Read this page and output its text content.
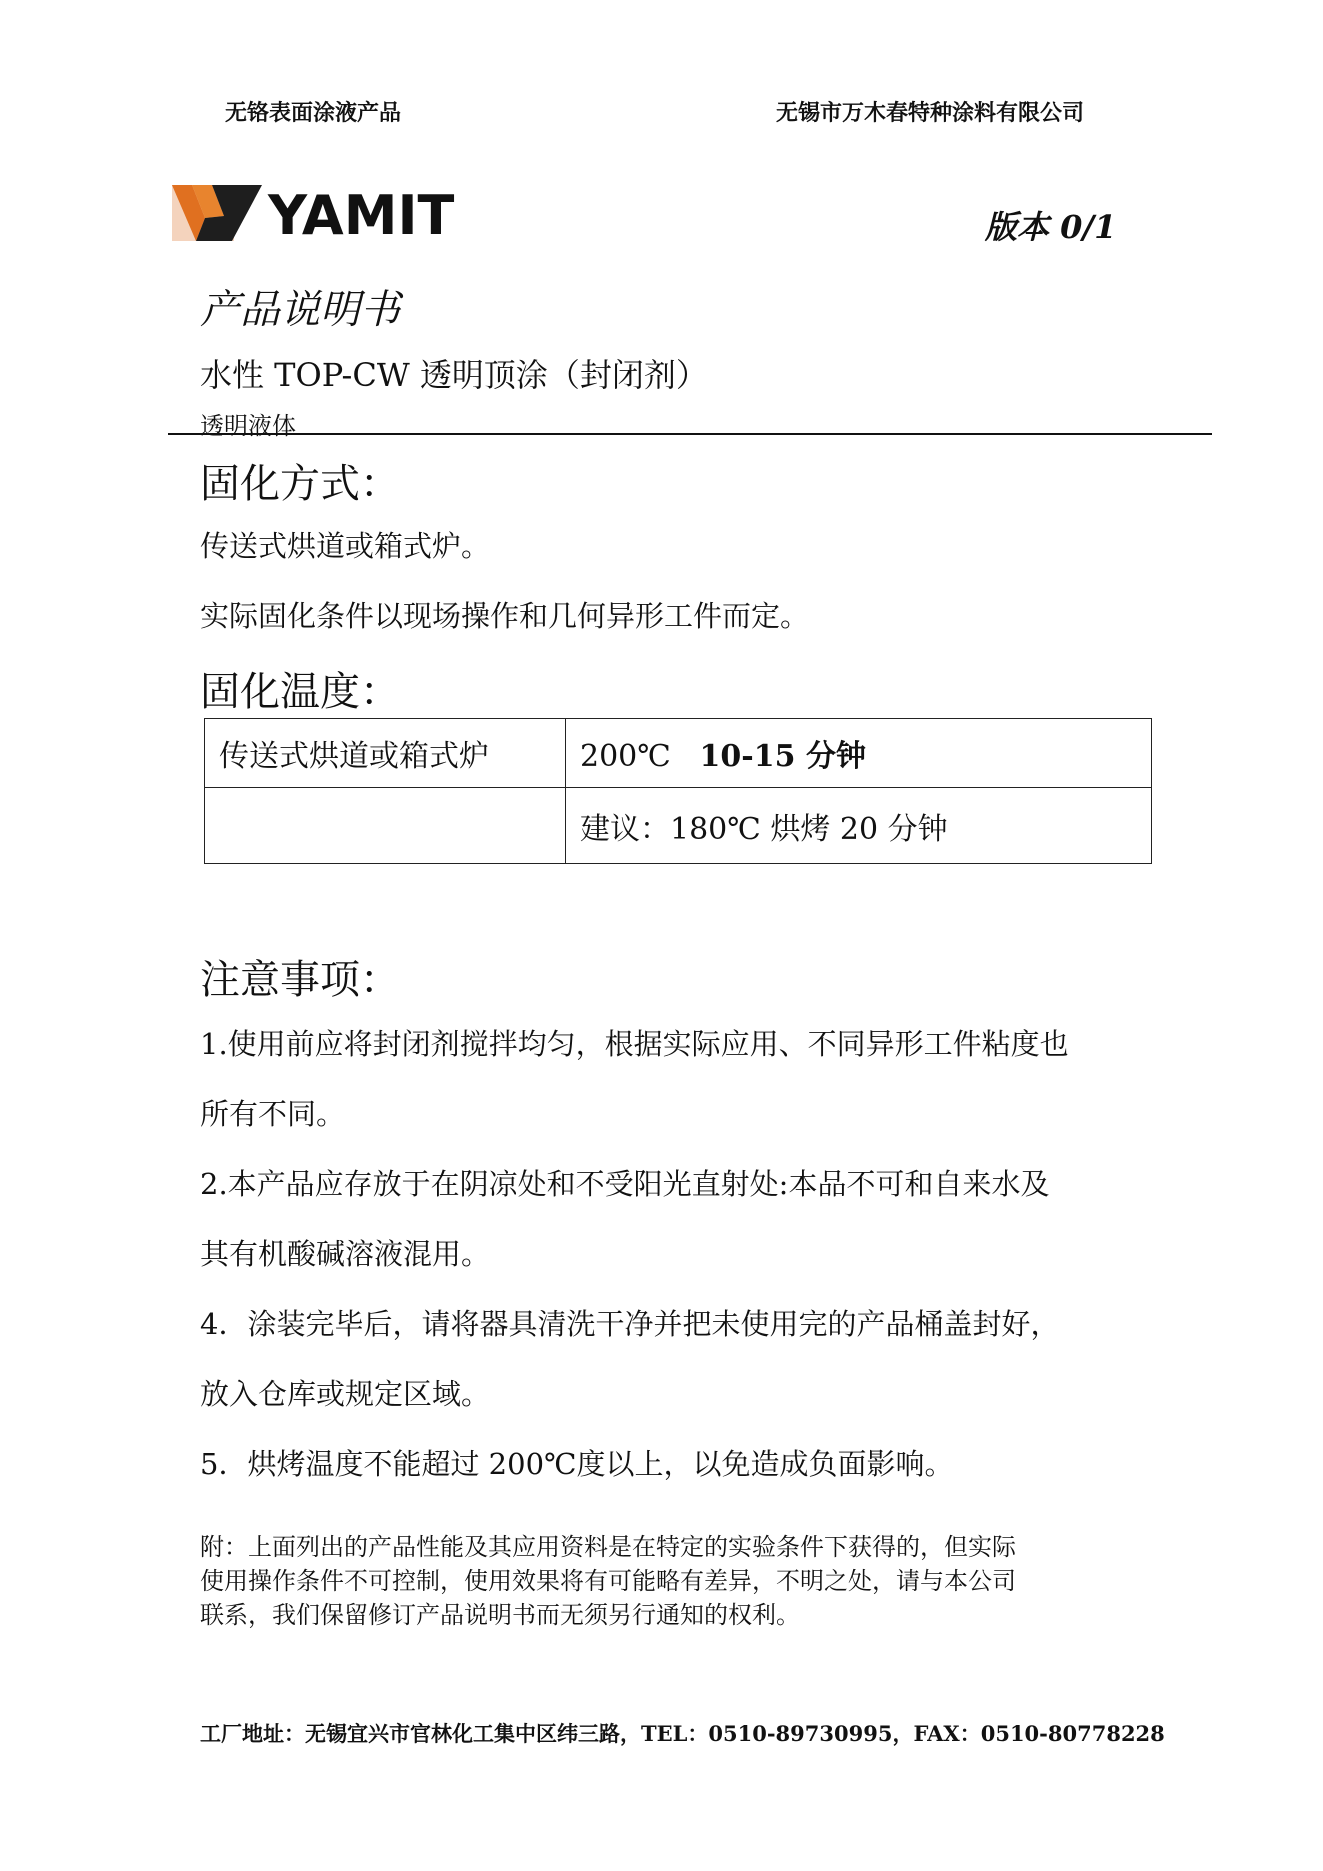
无铬表面涂液产品	无锡市万木春特种涂料有限公司
YAMIT	版本 0/1
产品说明书
水性 TOP-CW 透明顶涂（封闭剂）
透明液体
固化方式：
传送式烘道或箱式炉。
实际固化条件以现场操作和几何异形工件而定。
固化温度：
传送式烘道或箱式炉	200℃ 10-15 分钟
	建议：180℃ 烘烤 20 分钟
注意事项：
1.使用前应将封闭剂搅拌均匀，根据实际应用、不同异形工件粘度也
所有不同。
2.本产品应存放于在阴凉处和不受阳光直射处:本品不可和自来水及
其有机酸碱溶液混用。
4．涂装完毕后，请将器具清洗干净并把未使用完的产品桶盖封好，
放入仓库或规定区域。
5．烘烤温度不能超过 200℃度以上，以免造成负面影响。
附：上面列出的产品性能及其应用资料是在特定的实验条件下获得的，但实际
使用操作条件不可控制，使用效果将有可能略有差异，不明之处，请与本公司
联系，我们保留修订产品说明书而无须另行通知的权利。
工厂地址：无锡宜兴市官林化工集中区纬三路，TEL：0510-89730995，FAX：0510-80778228
